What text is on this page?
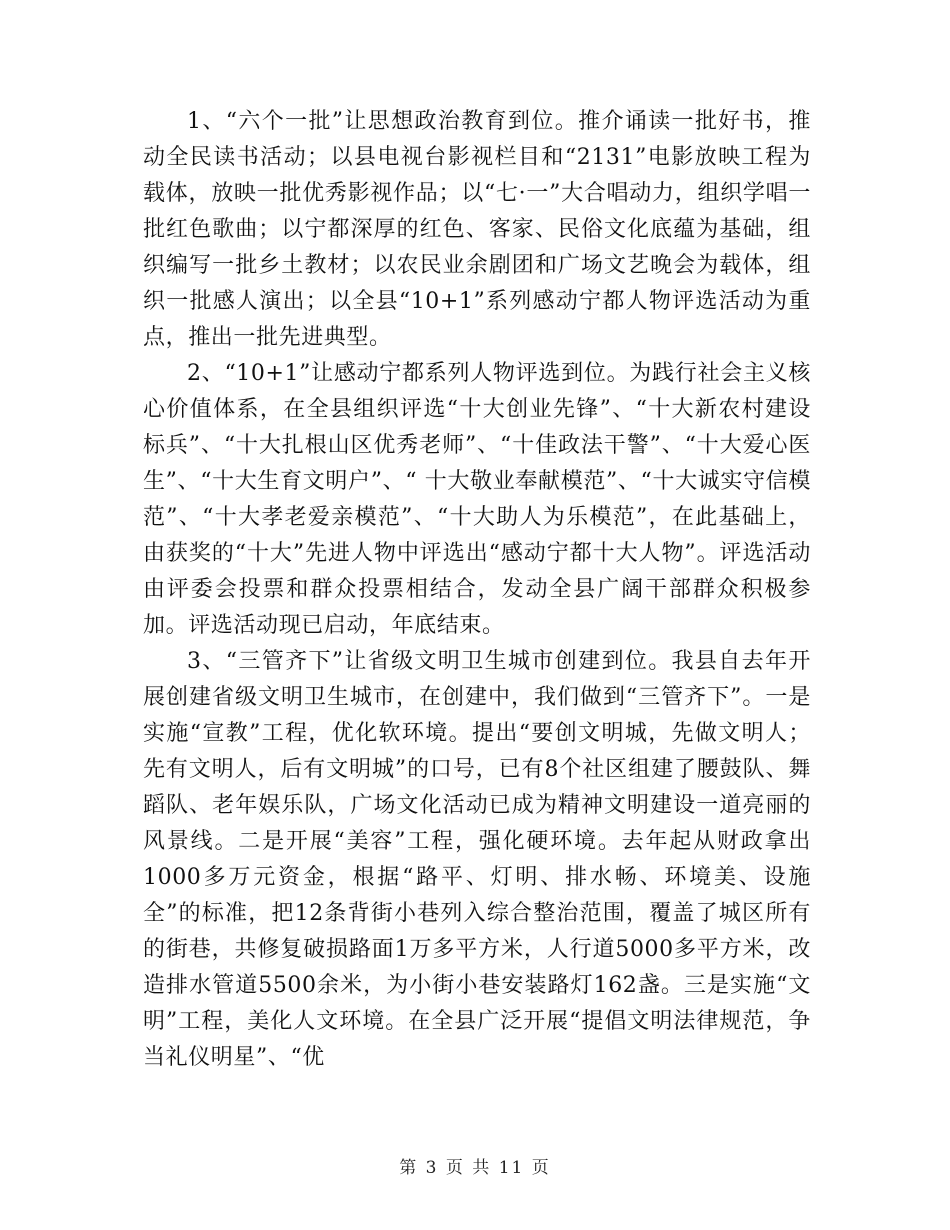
1、“六个一批”让思想政治教育到位。推介诵读一批好书，推动全民读书活动；以县电视台影视栏目和“2131”电影放映工程为载体，放映一批优秀影视作品；以“七·一”大合唱动力，组织学唱一批红色歌曲；以宁都深厚的红色、客家、民俗文化底蕴为基础，组织编写一批乡土教材；以农民业余剧团和广场文艺晚会为载体，组织一批感人演出；以全县“10+1”系列感动宁都人物评选活动为重点，推出一批先进典型。

2、“10+1”让感动宁都系列人物评选到位。为践行社会主义核心价值体系，在全县组织评选“十大创业先锋”、“十大新农村建设标兵”、“十大扎根山区优秀老师”、“十佳政法干警”、“十大爱心医生”、“十大生育文明户”、“ 十大敬业奉献模范”、“十大诚实守信模范”、“十大孝老爱亲模范”、“十大助人为乐模范”，在此基础上，由获奖的“十大”先进人物中评选出“感动宁都十大人物”。评选活动由评委会投票和群众投票相结合，发动全县广阔干部群众积极参加。评选活动现已启动，年底结束。

3、“三管齐下”让省级文明卫生城市创建到位。我县自去年开展创建省级文明卫生城市，在创建中，我们做到“三管齐下”。一是实施“宣教”工程，优化软环境。提出“要创文明城，先做文明人；先有文明人，后有文明城”的口号，已有8个社区组建了腰鼓队、舞蹈队、老年娱乐队，广场文化活动已成为精神文明建设一道亮丽的风景线。二是开展“美容”工程，强化硬环境。去年起从财政拿出1000多万元资金，根据“路平、灯明、排水畅、环境美、设施全”的标准，把12条背街小巷列入综合整治范围，覆盖了城区所有的街巷，共修复破损路面1万多平方米，人行道5000多平方米，改造排水管道5500余米，为小街小巷安装路灯162盏。三是实施“文明”工程，美化人文环境。在全县广泛开展“提倡文明法律规范，争当礼仪明星”、“优

第 3 页 共 11 页
